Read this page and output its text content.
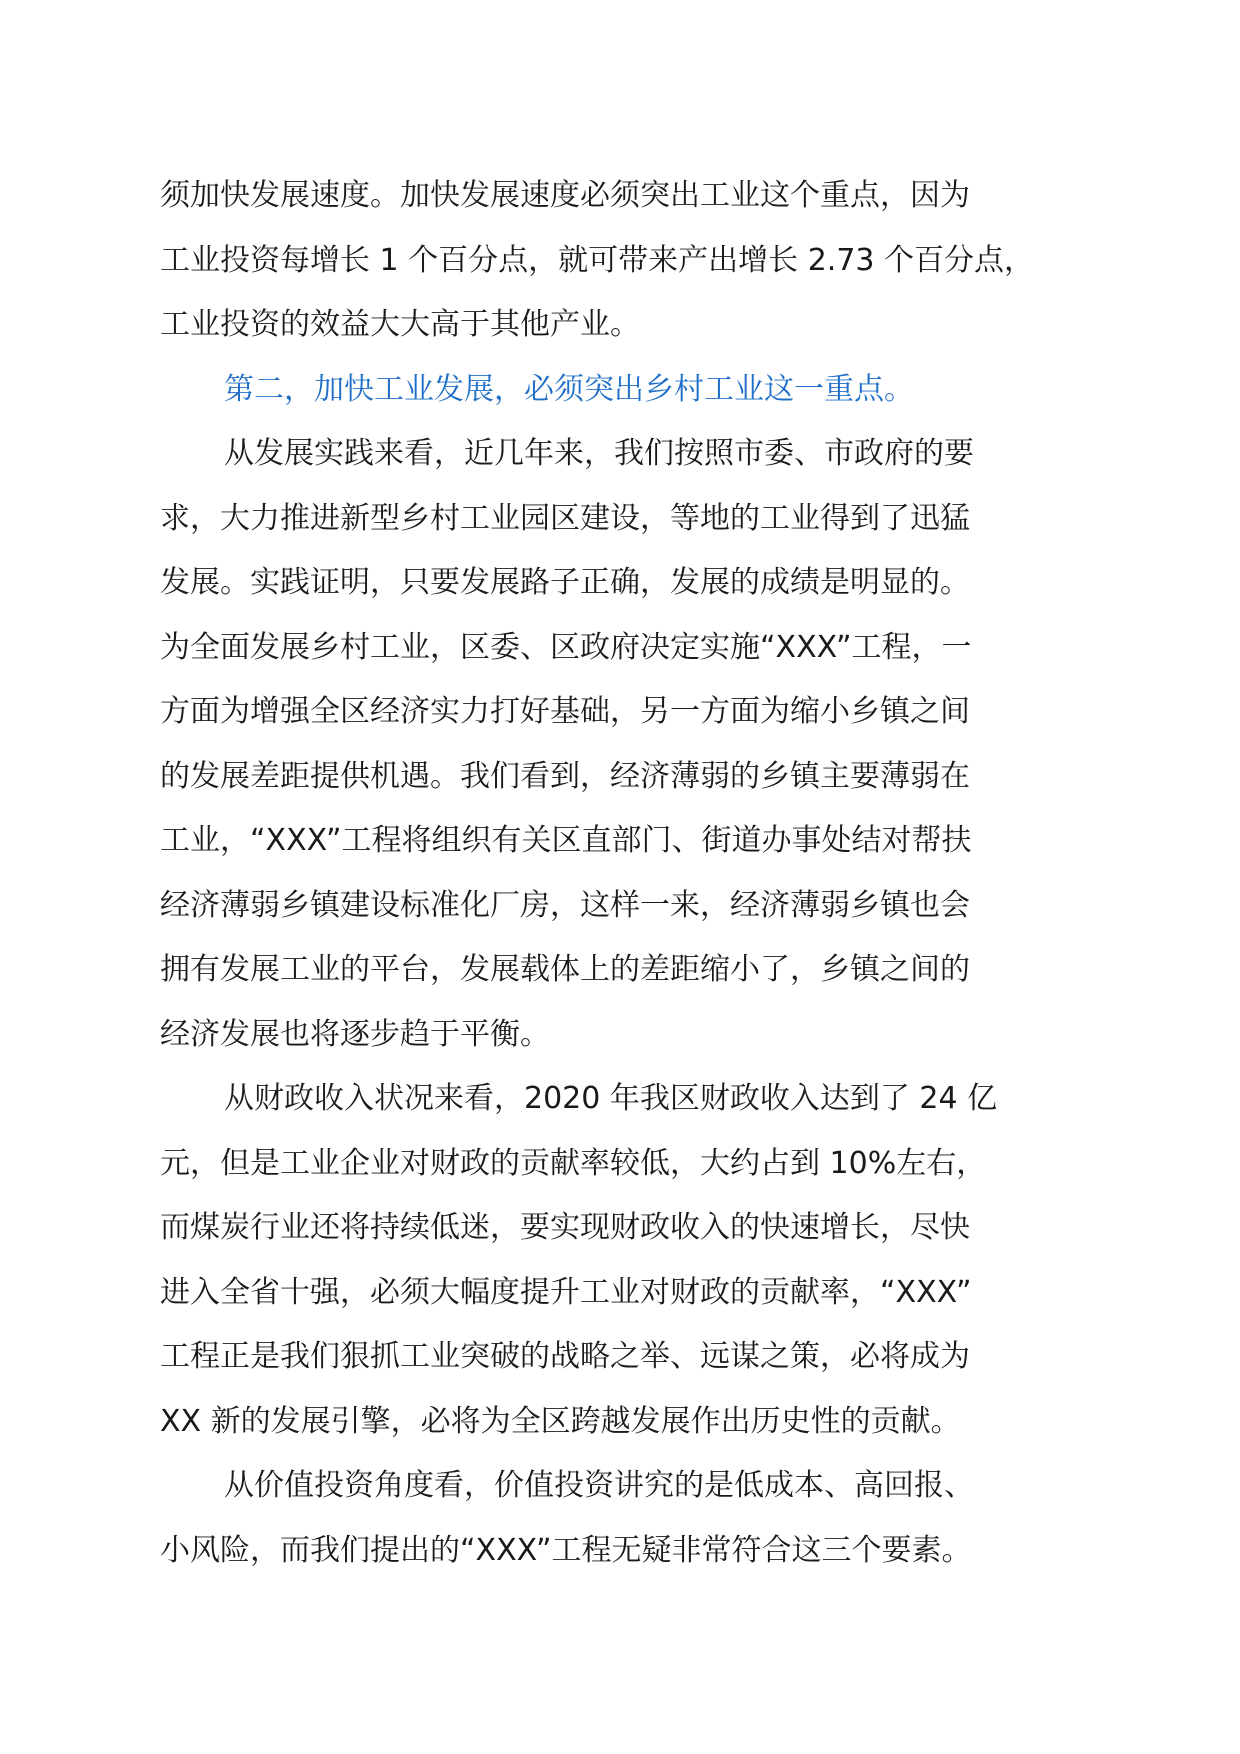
须加快发展速度。加快发展速度必须突出工业这个重点，因为
工业投资每增长 1 个百分点，就可带来产出增长 2.73 个百分点，
工业投资的效益大大高于其他产业。
第二，加快工业发展，必须突出乡村工业这一重点。
从发展实践来看，近几年来，我们按照市委、市政府的要
求，大力推进新型乡村工业园区建设，等地的工业得到了迅猛
发展。实践证明，只要发展路子正确，发展的成绩是明显的。
为全面发展乡村工业，区委、区政府决定实施“XXX”工程，一
方面为增强全区经济实力打好基础，另一方面为缩小乡镇之间
的发展差距提供机遇。我们看到，经济薄弱的乡镇主要薄弱在
工业，“XXX”工程将组织有关区直部门、街道办事处结对帮扶
经济薄弱乡镇建设标准化厂房，这样一来，经济薄弱乡镇也会
拥有发展工业的平台，发展载体上的差距缩小了，乡镇之间的
经济发展也将逐步趋于平衡。
从财政收入状况来看，2020 年我区财政收入达到了 24 亿
元，但是工业企业对财政的贡献率较低，大约占到 10%左右，
而煤炭行业还将持续低迷，要实现财政收入的快速增长，尽快
进入全省十强，必须大幅度提升工业对财政的贡献率，“XXX”
工程正是我们狠抓工业突破的战略之举、远谋之策，必将成为
XX 新的发展引擎，必将为全区跨越发展作出历史性的贡献。
从价值投资角度看，价值投资讲究的是低成本、高回报、
小风险，而我们提出的“XXX”工程无疑非常符合这三个要素。
